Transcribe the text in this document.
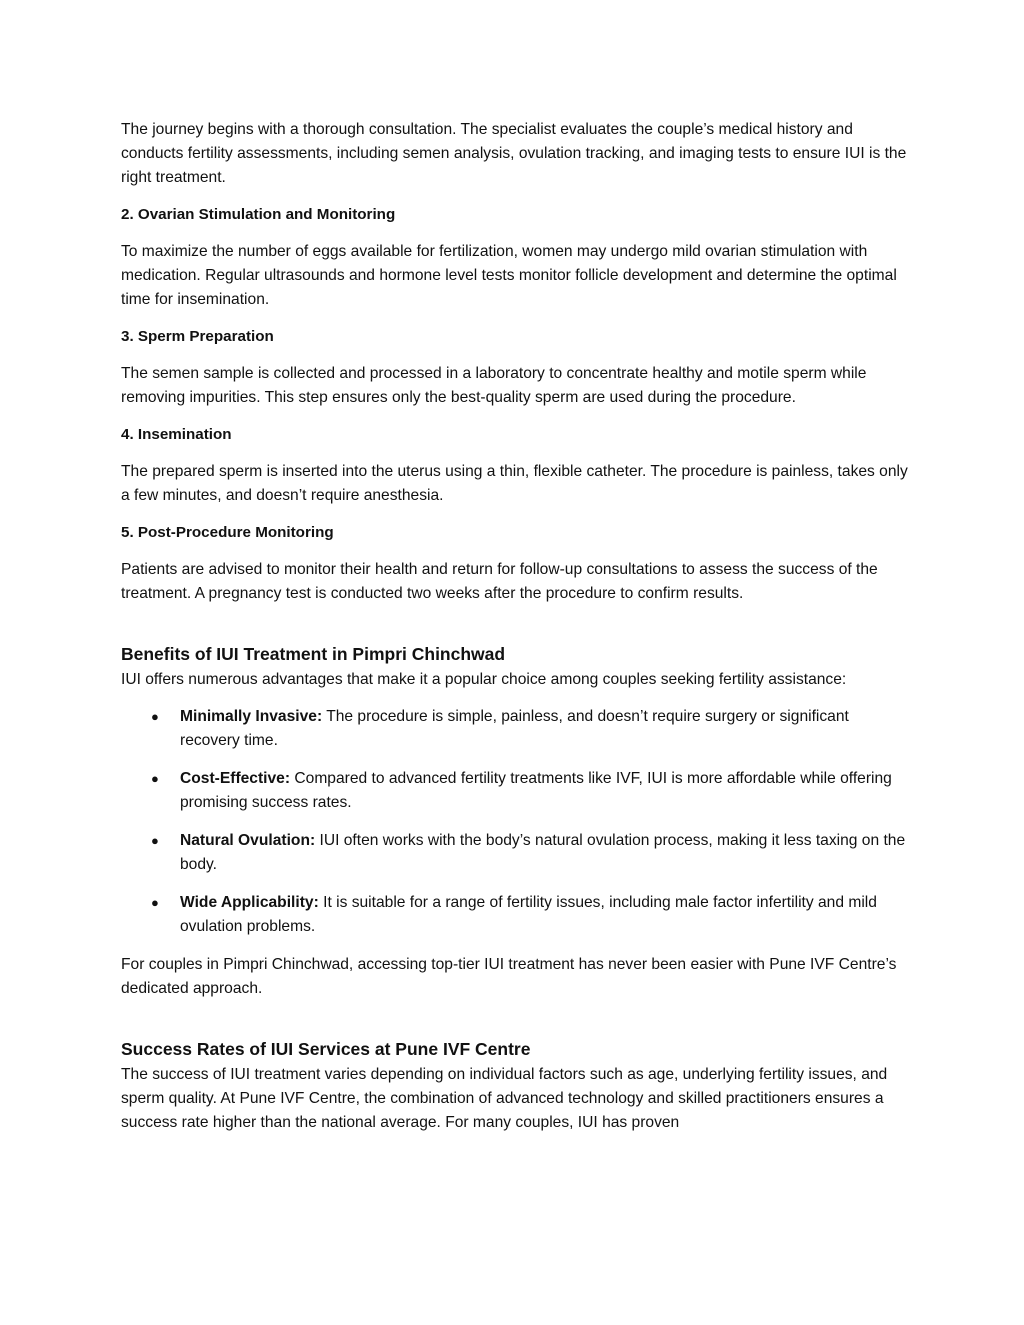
The journey begins with a thorough consultation. The specialist evaluates the couple’s medical history and conducts fertility assessments, including semen analysis, ovulation tracking, and imaging tests to ensure IUI is the right treatment.

2. Ovarian Stimulation and Monitoring

To maximize the number of eggs available for fertilization, women may undergo mild ovarian stimulation with medication. Regular ultrasounds and hormone level tests monitor follicle development and determine the optimal time for insemination.

3. Sperm Preparation

The semen sample is collected and processed in a laboratory to concentrate healthy and motile sperm while removing impurities. This step ensures only the best-quality sperm are used during the procedure.

4. Insemination

The prepared sperm is inserted into the uterus using a thin, flexible catheter. The procedure is painless, takes only a few minutes, and doesn’t require anesthesia.

5. Post-Procedure Monitoring

Patients are advised to monitor their health and return for follow-up consultations to assess the success of the treatment. A pregnancy test is conducted two weeks after the procedure to confirm results.

Benefits of IUI Treatment in Pimpri Chinchwad

IUI offers numerous advantages that make it a popular choice among couples seeking fertility assistance:

● Minimally Invasive: The procedure is simple, painless, and doesn’t require surgery or significant recovery time.
● Cost-Effective: Compared to advanced fertility treatments like IVF, IUI is more affordable while offering promising success rates.
● Natural Ovulation: IUI often works with the body’s natural ovulation process, making it less taxing on the body.
● Wide Applicability: It is suitable for a range of fertility issues, including male factor infertility and mild ovulation problems.

For couples in Pimpri Chinchwad, accessing top-tier IUI treatment has never been easier with Pune IVF Centre’s dedicated approach.

Success Rates of IUI Services at Pune IVF Centre

The success of IUI treatment varies depending on individual factors such as age, underlying fertility issues, and sperm quality. At Pune IVF Centre, the combination of advanced technology and skilled practitioners ensures a success rate higher than the national average. For many couples, IUI has proven
